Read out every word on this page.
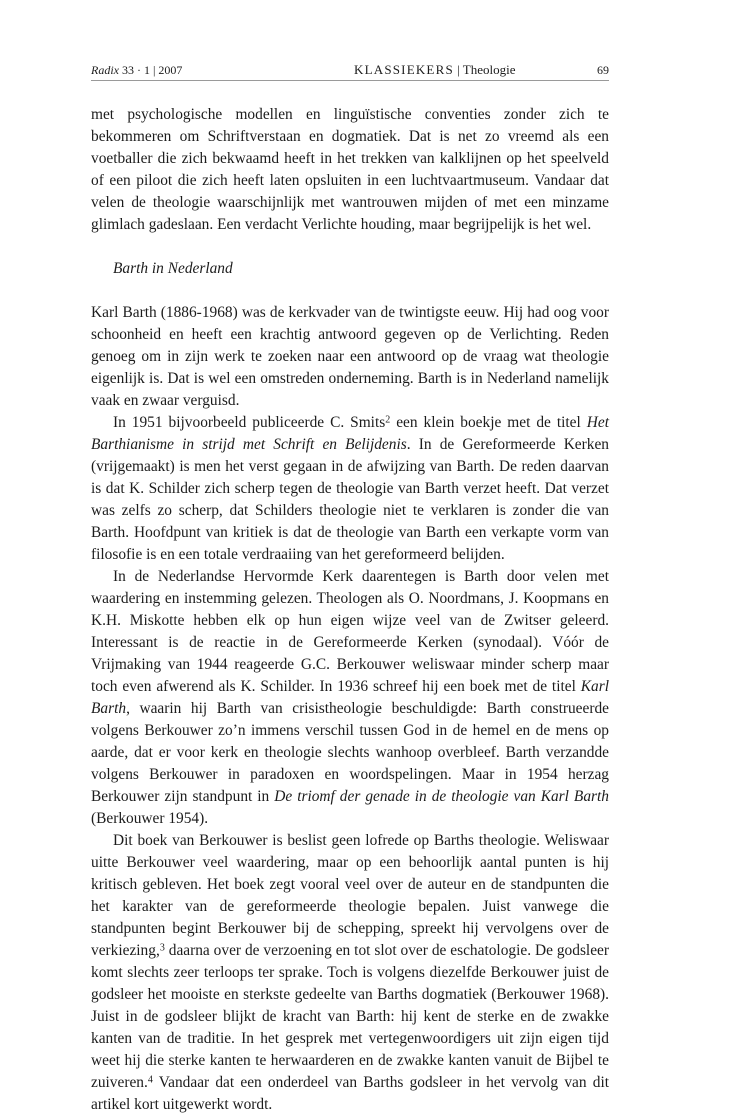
Radix 33 · 1 | 2007	KLASSIEKERS | Theologie	69

met psychologische modellen en linguïstische conventies zonder zich te bekommeren om Schriftverstaan en dogmatiek. Dat is net zo vreemd als een voetballer die zich bekwaamd heeft in het trekken van kalklijnen op het speelveld of een piloot die zich heeft laten opsluiten in een luchtvaartmuseum. Vandaar dat velen de theologie waarschijnlijk met wantrouwen mijden of met een minzame glimlach gadeslaan. Een verdacht Verlichte houding, maar begrijpelijk is het wel.

Barth in Nederland

Karl Barth (1886-1968) was de kerkvader van de twintigste eeuw. Hij had oog voor schoonheid en heeft een krachtig antwoord gegeven op de Verlichting. Reden genoeg om in zijn werk te zoeken naar een antwoord op de vraag wat theologie eigenlijk is. Dat is wel een omstreden onderneming. Barth is in Nederland namelijk vaak en zwaar verguisd.

In 1951 bijvoorbeeld publiceerde C. Smits$^2$ een klein boekje met de titel Het Barthianisme in strijd met Schrift en Belijdenis. In de Gereformeerde Kerken (vrijgemaakt) is men het verst gegaan in de afwijzing van Barth. De reden daarvan is dat K. Schilder zich scherp tegen de theologie van Barth verzet heeft. Dat verzet was zelfs zo scherp, dat Schilders theologie niet te verklaren is zonder die van Barth. Hoofdpunt van kritiek is dat de theologie van Barth een verkapte vorm van filosofie is en een totale verdraaiing van het gereformeerd belijden.

In de Nederlandse Hervormde Kerk daarentegen is Barth door velen met waardering en instemming gelezen. Theologen als O. Noordmans, J. Koopmans en K.H. Miskotte hebben elk op hun eigen wijze veel van de Zwitser geleerd. Interessant is de reactie in de Gereformeerde Kerken (synodaal). Vóór de Vrijmaking van 1944 reageerde G.C. Berkouwer weliswaar minder scherp maar toch even afwerend als K. Schilder. In 1936 schreef hij een boek met de titel Karl Barth, waarin hij Barth van crisistheologie beschuldigde: Barth construeerde volgens Berkouwer zo’n immens verschil tussen God in de hemel en de mens op aarde, dat er voor kerk en theologie slechts wanhoop overbleef. Barth verzandde volgens Berkouwer in paradoxen en woordspelingen. Maar in 1954 herzag Berkouwer zijn standpunt in De triomf der genade in de theologie van Karl Barth (Berkouwer 1954).

Dit boek van Berkouwer is beslist geen lofrede op Barths theologie. Weliswaar uitte Berkouwer veel waardering, maar op een behoorlijk aantal punten is hij kritisch gebleven. Het boek zegt vooral veel over de auteur en de standpunten die het karakter van de gereformeerde theologie bepalen. Juist vanwege die standpunten begint Berkouwer bij de schepping, spreekt hij vervolgens over de verkiezing,$^3$ daarna over de verzoening en tot slot over de eschatologie. De godsleer komt slechts zeer terloops ter sprake. Toch is volgens diezelfde Berkouwer juist de godsleer het mooiste en sterkste gedeelte van Barths dogmatiek (Berkouwer 1968). Juist in de godsleer blijkt de kracht van Barth: hij kent de sterke en de zwakke kanten van de traditie. In het gesprek met vertegenwoordigers uit zijn eigen tijd weet hij die sterke kanten te herwaarderen en de zwakke kanten vanuit de Bijbel te zuiveren.$^4$ Vandaar dat een onderdeel van Barths godsleer in het vervolg van dit artikel kort uitgewerkt wordt.
